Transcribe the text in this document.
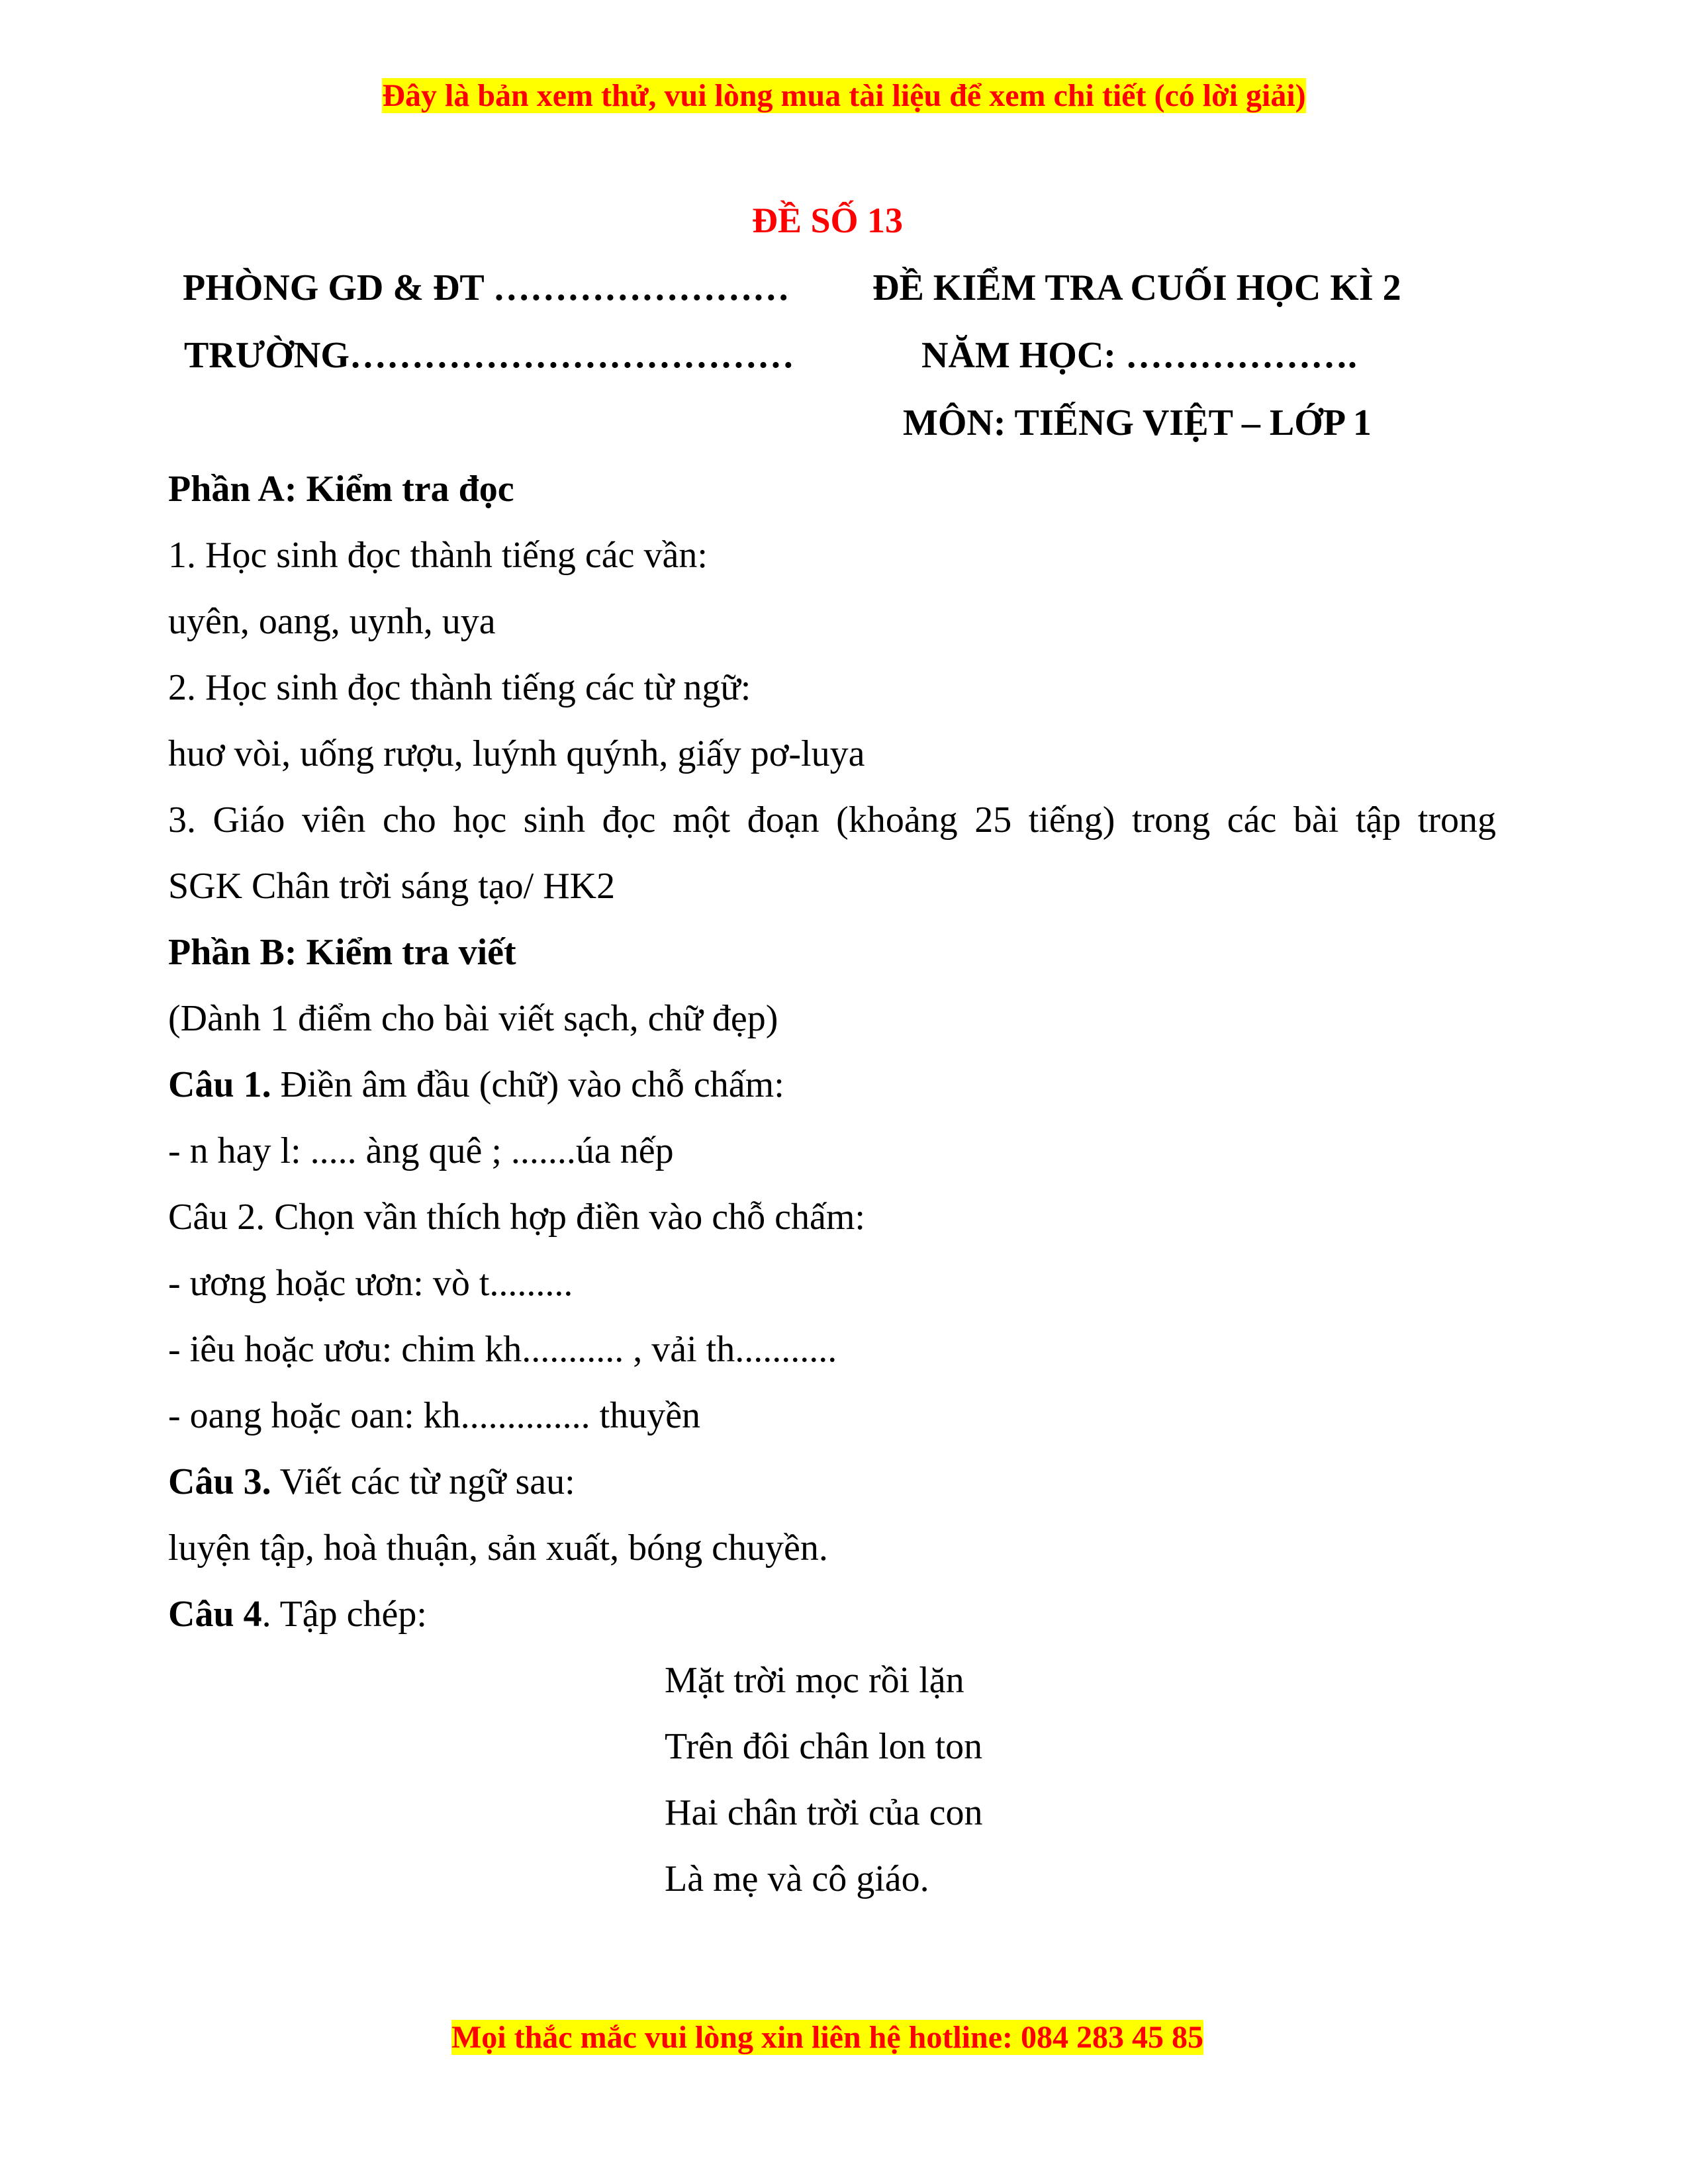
Đây là bản xem thử, vui lòng mua tài liệu để xem chi tiết (có lời giải)
ĐỀ SỐ 13
PHÒNG GD & ĐT …………………… ĐỀ KIỂM TRA CUỐI HỌC KÌ 2
TRƯỜNG………………………………	NĂM HỌC: ……………….
MÔN: TIẾNG VIỆT – LỚP 1
Phần A: Kiểm tra đọc
1. Học sinh đọc thành tiếng các vần:
uyên, oang, uynh, uya
2. Học sinh đọc thành tiếng các từ ngữ:
huơ vòi, uống rượu, luýnh quýnh, giấy pơ-luya
3. Giáo viên cho học sinh đọc một đoạn (khoảng 25 tiếng) trong các bài tập trong
SGK Chân trời sáng tạo/ HK2
Phần B: Kiểm tra viết
(Dành 1 điểm cho bài viết sạch, chữ đẹp)
Câu 1. Điền âm đầu (chữ) vào chỗ chấm:
- n hay l: ..... àng quê ; .......úa nếp
Câu 2. Chọn vần thích hợp điền vào chỗ chấm:
- ương hoặc ươn: vò t.........
- iêu hoặc ươu: chim kh........... , vải th...........
- oang hoặc oan: kh.............. thuyền
Câu 3. Viết các từ ngữ sau:
luyện tập, hoà thuận, sản xuất, bóng chuyền.
Câu 4. Tập chép:
Mặt trời mọc rồi lặn
Trên đôi chân lon ton
Hai chân trời của con
Là mẹ và cô giáo.
Mọi thắc mắc vui lòng xin liên hệ hotline: 084 283 45 85
